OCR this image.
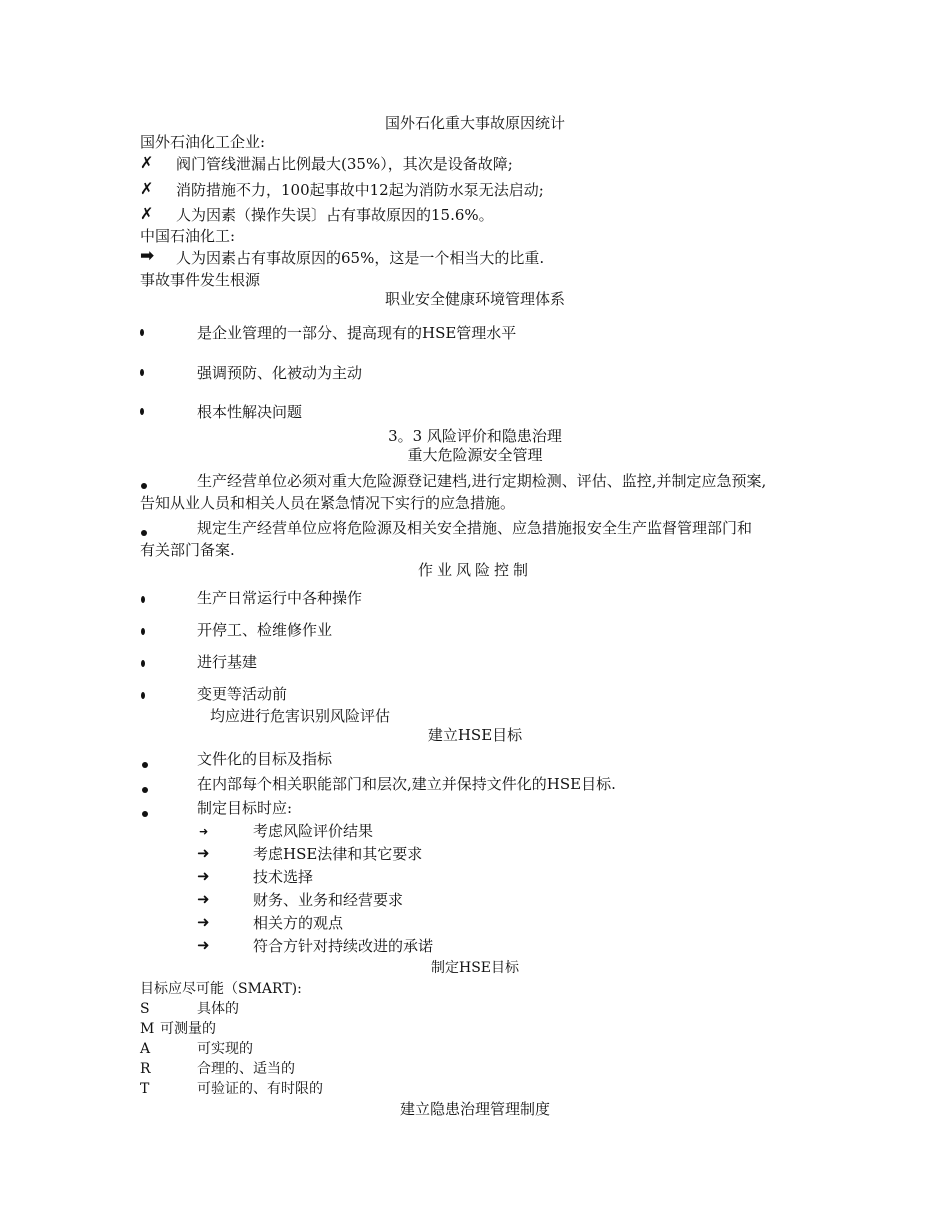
国外石化重大事故原因统计
国外石油化工企业:
✗ 阀门管线泄漏占比例最大(35%），其次是设备故障;
✗ 消防措施不力，100起事故中12起为消防水泵无法启动;
✗ 人为因素（操作失误〕占有事故原因的15.6%。
中国石油化工:
➡ 人为因素占有事故原因的65%，这是一个相当大的比重.
事故事件发生根源
职业安全健康环境管理体系
是企业管理的一部分、提高现有的HSE管理水平
强调预防、化被动为主动
根本性解决问题
3。3 风险评价和隐患治理
重大危险源安全管理
生产经营单位必须对重大危险源登记建档,进行定期检测、评估、监控,并制定应急预案,
告知从业人员和相关人员在紧急情况下实行的应急措施。
规定生产经营单位应将危险源及相关安全措施、应急措施报安全生产监督管理部门和
有关部门备案.
作业风险控制
生产日常运行中各种操作
开停工、检维修作业
进行基建
变更等活动前
均应进行危害识别风险评估
建立HSE目标
文件化的目标及指标
在内部每个相关职能部门和层次,建立并保持文件化的HSE目标.
制定目标时应:
➜	考虑风险评价结果
➜	考虑HSE法律和其它要求
➜	技术选择
➜	财务、业务和经营要求
➜	相关方的观点
➜	符合方针对持续改进的承诺
制定HSE目标
目标应尽可能（SMART):
S	具体的
M 可测量的
A	可实现的
R	合理的、适当的
T	可验证的、有时限的
建立隐患治理管理制度
